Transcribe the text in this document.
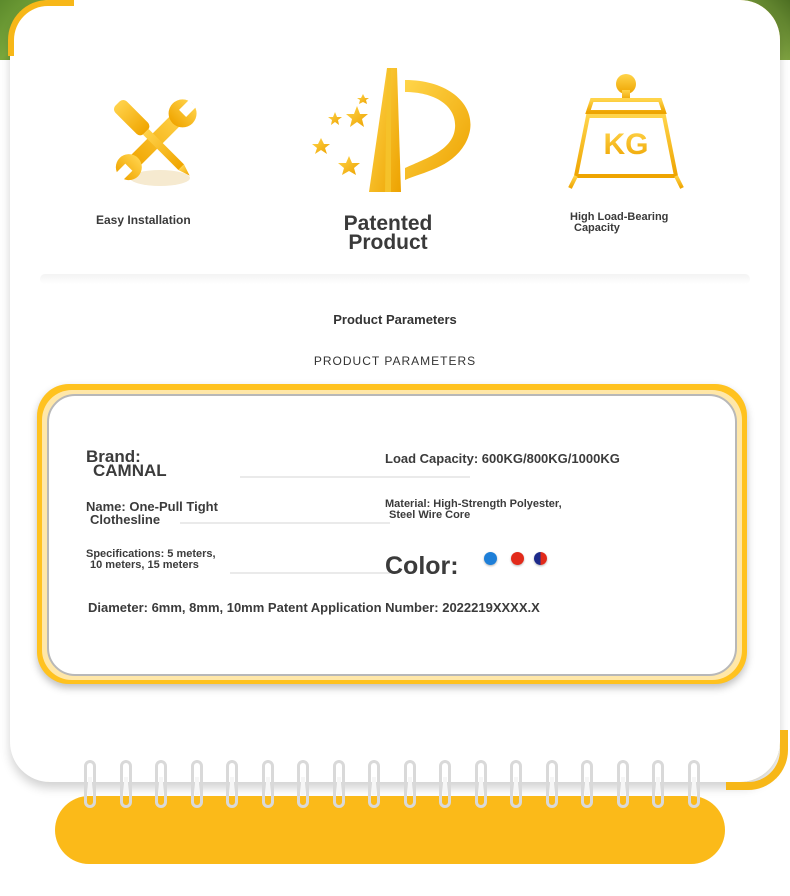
Easy Installation	Patented
Product
KG
High Load-Bearing
Capacity
Product Parameters
PRODUCT PARAMETERS
Brand:
CAMNAL
Load Capacity: 600KG/800KG/1000KG
Name: One-Pull Tight
Clothesline
Material: High-Strength Polyester,
Steel Wire Core
Specifications: 5 meters,
10 meters, 15 meters	Color:
Diameter: 6mm, 8mm, 10mm Patent Application Number: 2022219XXXX.X
